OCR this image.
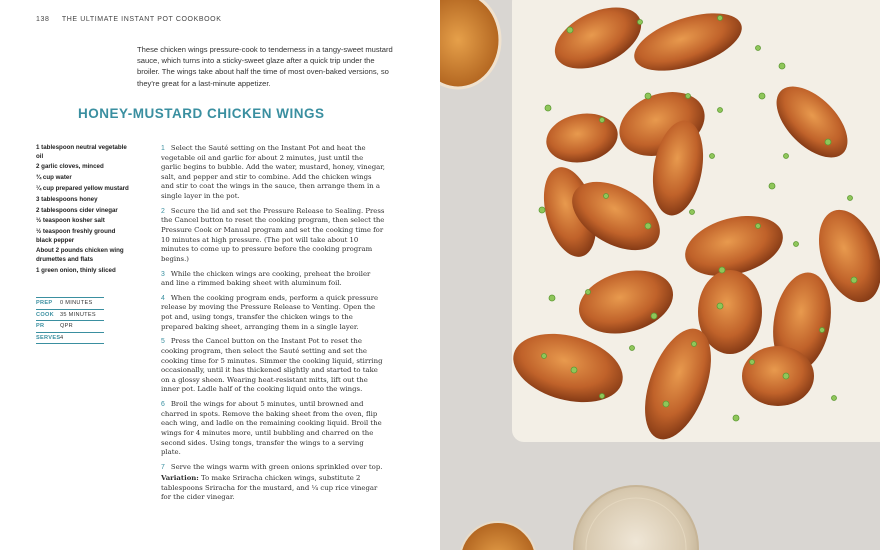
138 THE ULTIMATE INSTANT POT COOKBOOK

These chicken wings pressure-cook to tenderness in a tangy-sweet mustard sauce, which turns into a sticky-sweet glaze after a quick trip under the broiler. The wings take about half the time of most oven-baked versions, so they're great for a last-minute appetizer.

HONEY-MUSTARD CHICKEN WINGS
1 tablespoon neutral vegetable oil
2 garlic cloves, minced
¾ cup water
¼ cup prepared yellow mustard
3 tablespoons honey
2 tablespoons cider vinegar
½ teaspoon kosher salt
½ teaspoon freshly ground black pepper
About 2 pounds chicken wing drumettes and flats
1 green onion, thinly sliced
PREP	0 MINUTES
COOK	35 MINUTES
PR	QPR
SERVES 4
1 Select the Sauté setting on the Instant Pot and heat the vegetable oil and garlic for about 2 minutes, just until the garlic begins to bubble. Add the water, mustard, honey, vinegar, salt, and pepper and stir to combine. Add the chicken wings and stir to coat the wings in the sauce, then arrange them in a single layer in the pot.
2 Secure the lid and set the Pressure Release to Sealing. Press the Cancel button to reset the cooking program, then select the Pressure Cook or Manual program and set the cooking time for 10 minutes at high pressure. (The pot will take about 10 minutes to come up to pressure before the cooking program begins.)
3 While the chicken wings are cooking, preheat the broiler and line a rimmed baking sheet with aluminum foil.
4 When the cooking program ends, perform a quick pressure release by moving the Pressure Release to Venting. Open the pot and, using tongs, transfer the chicken wings to the prepared baking sheet, arranging them in a single layer.
5 Press the Cancel button on the Instant Pot to reset the cooking program, then select the Sauté setting and set the cooking time for 5 minutes. Simmer the cooking liquid, stirring occasionally, until it has thickened slightly and started to take on a glossy sheen. Wearing heat-resistant mitts, lift out the inner pot. Ladle half of the cooking liquid onto the wings.
6 Broil the wings for about 5 minutes, until browned and charred in spots. Remove the baking sheet from the oven, flip each wing, and ladle on the remaining cooking liquid. Broil the wings for 4 minutes more, until bubbling and charred on the second sides. Using tongs, transfer the wings to a serving plate.
7 Serve the wings warm with green onions sprinkled over top.

Variation: To make Sriracha chicken wings, substitute 2 tablespoons Sriracha for the mustard, and ¼ cup rice vinegar for the cider vinegar.
